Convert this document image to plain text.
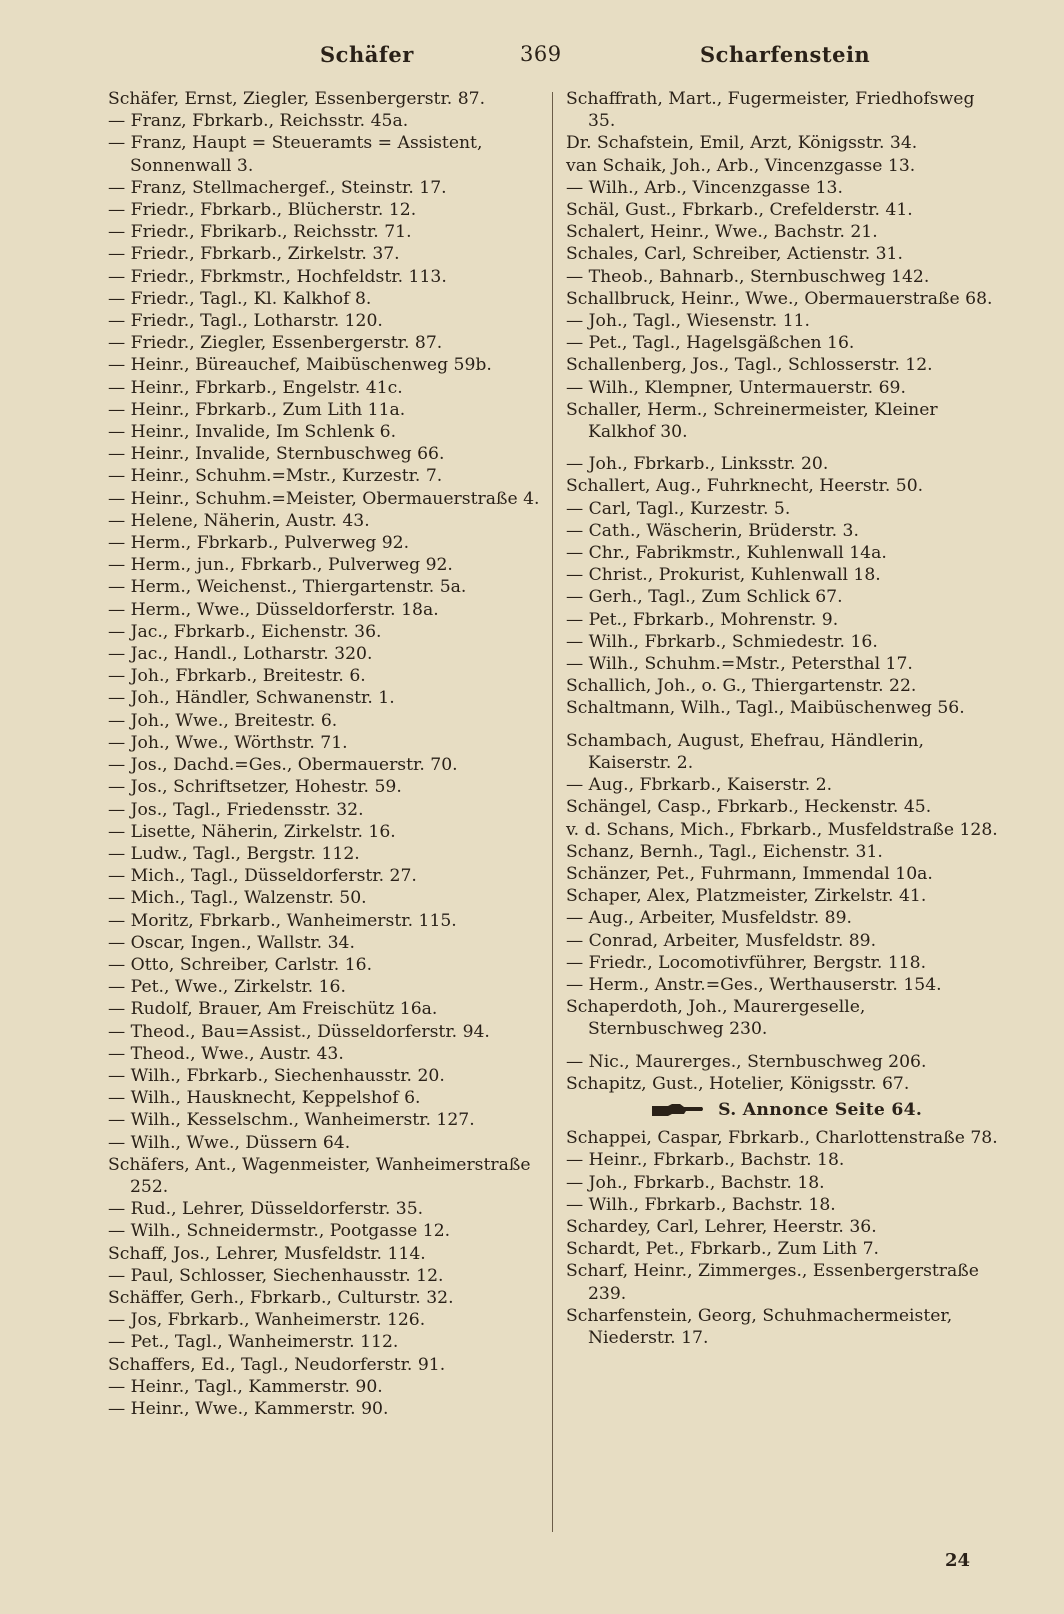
Schäfer	369	Scharfenstein
Schäfer, Ernst, Ziegler, Essenbergerstr. 87.
— Franz, Fbrkarb., Reichsstr. 45a.
— Franz, Haupt = Steueramts = Assistent, Sonnenwall 3.
— Franz, Stellmachergef., Steinstr. 17.
— Friedr., Fbrkarb., Blücherstr. 12.
— Friedr., Fbrikarb., Reichsstr. 71.
— Friedr., Fbrkarb., Zirkelstr. 37.
— Friedr., Fbrkmstr., Hochfeldstr. 113.
— Friedr., Tagl., Kl. Kalkhof 8.
— Friedr., Tagl., Lotharstr. 120.
— Friedr., Ziegler, Essenbergerstr. 87.
— Heinr., Büreauchef, Maibüschenweg 59b.
— Heinr., Fbrkarb., Engelstr. 41c.
— Heinr., Fbrkarb., Zum Lith 11a.
— Heinr., Invalide, Im Schlenk 6.
— Heinr., Invalide, Sternbuschweg 66.
— Heinr., Schuhm.=Mstr., Kurzestr. 7.
— Heinr., Schuhm.=Meister, Obermauerstraße 4.
— Helene, Näherin, Austr. 43.
— Herm., Fbrkarb., Pulverweg 92.
— Herm., jun., Fbrkarb., Pulverweg 92.
— Herm., Weichenst., Thiergartenstr. 5a.
— Herm., Wwe., Düsseldorferstr. 18a.
— Jac., Fbrkarb., Eichenstr. 36.
— Jac., Handl., Lotharstr. 320.
— Joh., Fbrkarb., Breitestr. 6.
— Joh., Händler, Schwanenstr. 1.
— Joh., Wwe., Breitestr. 6.
— Joh., Wwe., Wörthstr. 71.
— Jos., Dachd.=Ges., Obermauerstr. 70.
— Jos., Schriftsetzer, Hohestr. 59.
— Jos., Tagl., Friedensstr. 32.
— Lisette, Näherin, Zirkelstr. 16.
— Ludw., Tagl., Bergstr. 112.
— Mich., Tagl., Düsseldorferstr. 27.
— Mich., Tagl., Walzenstr. 50.
— Moritz, Fbrkarb., Wanheimerstr. 115.
— Oscar, Ingen., Wallstr. 34.
— Otto, Schreiber, Carlstr. 16.
— Pet., Wwe., Zirkelstr. 16.
— Rudolf, Brauer, Am Freischütz 16a.
— Theod., Bau=Assist., Düsseldorferstr. 94.
— Theod., Wwe., Austr. 43.
— Wilh., Fbrkarb., Siechenhausstr. 20.
— Wilh., Hausknecht, Keppelshof 6.
— Wilh., Kesselschm., Wanheimerstr. 127.
— Wilh., Wwe., Düssern 64.
Schäfers, Ant., Wagenmeister, Wanheimerstraße 252.
— Rud., Lehrer, Düsseldorferstr. 35.
— Wilh., Schneidermstr., Pootgasse 12.
Schaff, Jos., Lehrer, Musfeldstr. 114.
— Paul, Schlosser, Siechenhausstr. 12.
Schäffer, Gerh., Fbrkarb., Culturstr. 32.
— Jos, Fbrkarb., Wanheimerstr. 126.
— Pet., Tagl., Wanheimerstr. 112.
Schaffers, Ed., Tagl., Neudorferstr. 91.
— Heinr., Tagl., Kammerstr. 90.
— Heinr., Wwe., Kammerstr. 90.
Schaffrath, Mart., Fugermeister, Friedhofsweg 35.
Dr. Schafstein, Emil, Arzt, Königsstr. 34.
van Schaik, Joh., Arb., Vincenzgasse 13.
— Wilh., Arb., Vincenzgasse 13.
Schäl, Gust., Fbrkarb., Crefelderstr. 41.
Schalert, Heinr., Wwe., Bachstr. 21.
Schales, Carl, Schreiber, Actienstr. 31.
— Theob., Bahnarb., Sternbuschweg 142.
Schallbruck, Heinr., Wwe., Obermauerstraße 68.
— Joh., Tagl., Wiesenstr. 11.
— Pet., Tagl., Hagelsgäßchen 16.
Schallenberg, Jos., Tagl., Schlosserstr. 12.
— Wilh., Klempner, Untermauerstr. 69.
Schaller, Herm., Schreinermeister, Kleiner Kalkhof 30.
— Joh., Fbrkarb., Linksstr. 20.
Schallert, Aug., Fuhrknecht, Heerstr. 50.
— Carl, Tagl., Kurzestr. 5.
— Cath., Wäscherin, Brüderstr. 3.
— Chr., Fabrikmstr., Kuhlenwall 14a.
— Christ., Prokurist, Kuhlenwall 18.
— Gerh., Tagl., Zum Schlick 67.
— Pet., Fbrkarb., Mohrenstr. 9.
— Wilh., Fbrkarb., Schmiedestr. 16.
— Wilh., Schuhm.=Mstr., Petersthal 17.
Schallich, Joh., o. G., Thiergartenstr. 22.
Schaltmann, Wilh., Tagl., Maibüschenweg 56.
Schambach, August, Ehefrau, Händlerin, Kaiserstr. 2.
— Aug., Fbrkarb., Kaiserstr. 2.
Schängel, Casp., Fbrkarb., Heckenstr. 45.
v. d. Schans, Mich., Fbrkarb., Musfeldstraße 128.
Schanz, Bernh., Tagl., Eichenstr. 31.
Schänzer, Pet., Fuhrmann, Immendal 10a.
Schaper, Alex, Platzmeister, Zirkelstr. 41.
— Aug., Arbeiter, Musfeldstr. 89.
— Conrad, Arbeiter, Musfeldstr. 89.
— Friedr., Locomotivführer, Bergstr. 118.
— Herm., Anstr.=Ges., Werthauserstr. 154.
Schaperdoth, Joh., Maurergeselle, Sternbuschweg 230.
— Nic., Maurerges., Sternbuschweg 206.
Schapitz, Gust., Hotelier, Königsstr. 67.
S. Annonce Seite 64.
Schappei, Caspar, Fbrkarb., Charlottenstraße 78.
— Heinr., Fbrkarb., Bachstr. 18.
— Joh., Fbrkarb., Bachstr. 18.
— Wilh., Fbrkarb., Bachstr. 18.
Schardey, Carl, Lehrer, Heerstr. 36.
Schardt, Pet., Fbrkarb., Zum Lith 7.
Scharf, Heinr., Zimmerges., Essenbergerstraße 239.
Scharfenstein, Georg, Schuhmachermeister, Niederstr. 17.
24
